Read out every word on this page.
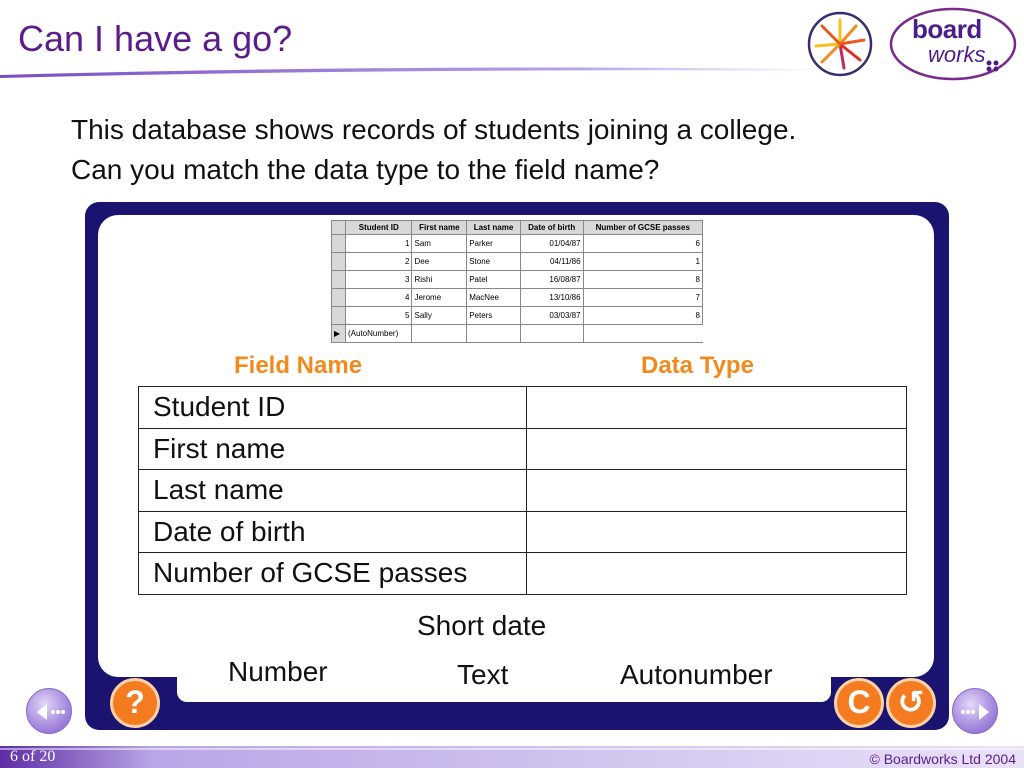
Can I have a go?	board
works

This database shows records of students joining a college.

Can you match the data type to the field name?

	Student ID	First name	Last name	Date of birth	Number of GCSE passes
	1	Sam	Parker	01/04/87	6
	2	Dee	Stone	04/11/86	1
	3	Rishi	Patel	16/08/87	8
	4	Jerome	MacNee	13/10/86	7
	5	Sally	Peters	03/03/87	8
▶	(AutoNumber)				
Field Name	Data Type
Student ID	
First name	
Last name	
Date of birth	
Number of GCSE passes	
Short date
Number	Text	Autonumber
?	C ↺
6 of 20	© Boardworks Ltd 2004
